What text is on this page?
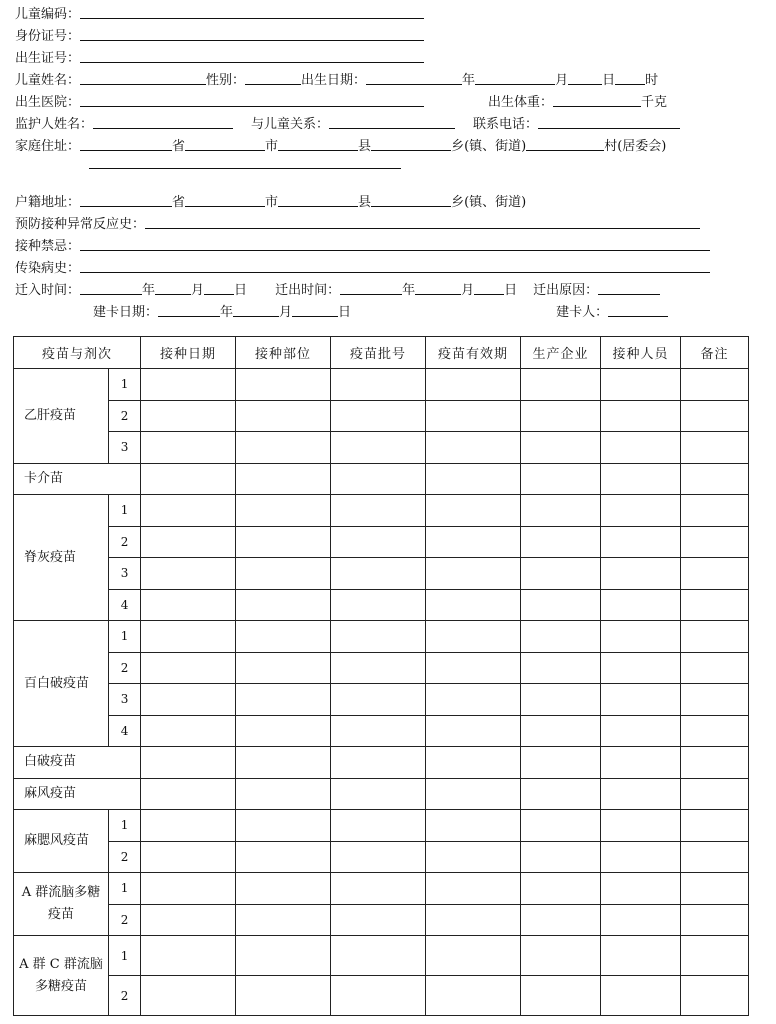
儿童编码：
身份证号：
出生证号：
儿童姓名：	性别：	出生日期：	年	月	日 时
出生医院：	出生体重：	千克
监护人姓名：	与儿童关系：	联系电话：
家庭住址：	省	市	县	乡(镇、街道)	村(居委会)
户籍地址：	省	市	县	乡(镇、街道)
预防接种异常反应史：
接种禁忌：
传染病史：
迁入时间：	年	月 日 迁出时间：	年	月 日 迁出原因：
建卡日期：	年	月	日	建卡人：
疫苗与剂次		接种日期	接种部位	疫苗批号	疫苗有效期	生产企业	接种人员	备注
乙肝疫苗	1							
	2							
	3							
卡介苗								
脊灰疫苗	1							
	2							
	3							
	4							
百白破疫苗	1							
	2							
	3							
	4							
白破疫苗								
麻风疫苗								
麻腮风疫苗	1							
	2							
A 群流脑多糖疫苗	1							
	2							
A 群 C 群流脑多糖疫苗	1							
	2							
